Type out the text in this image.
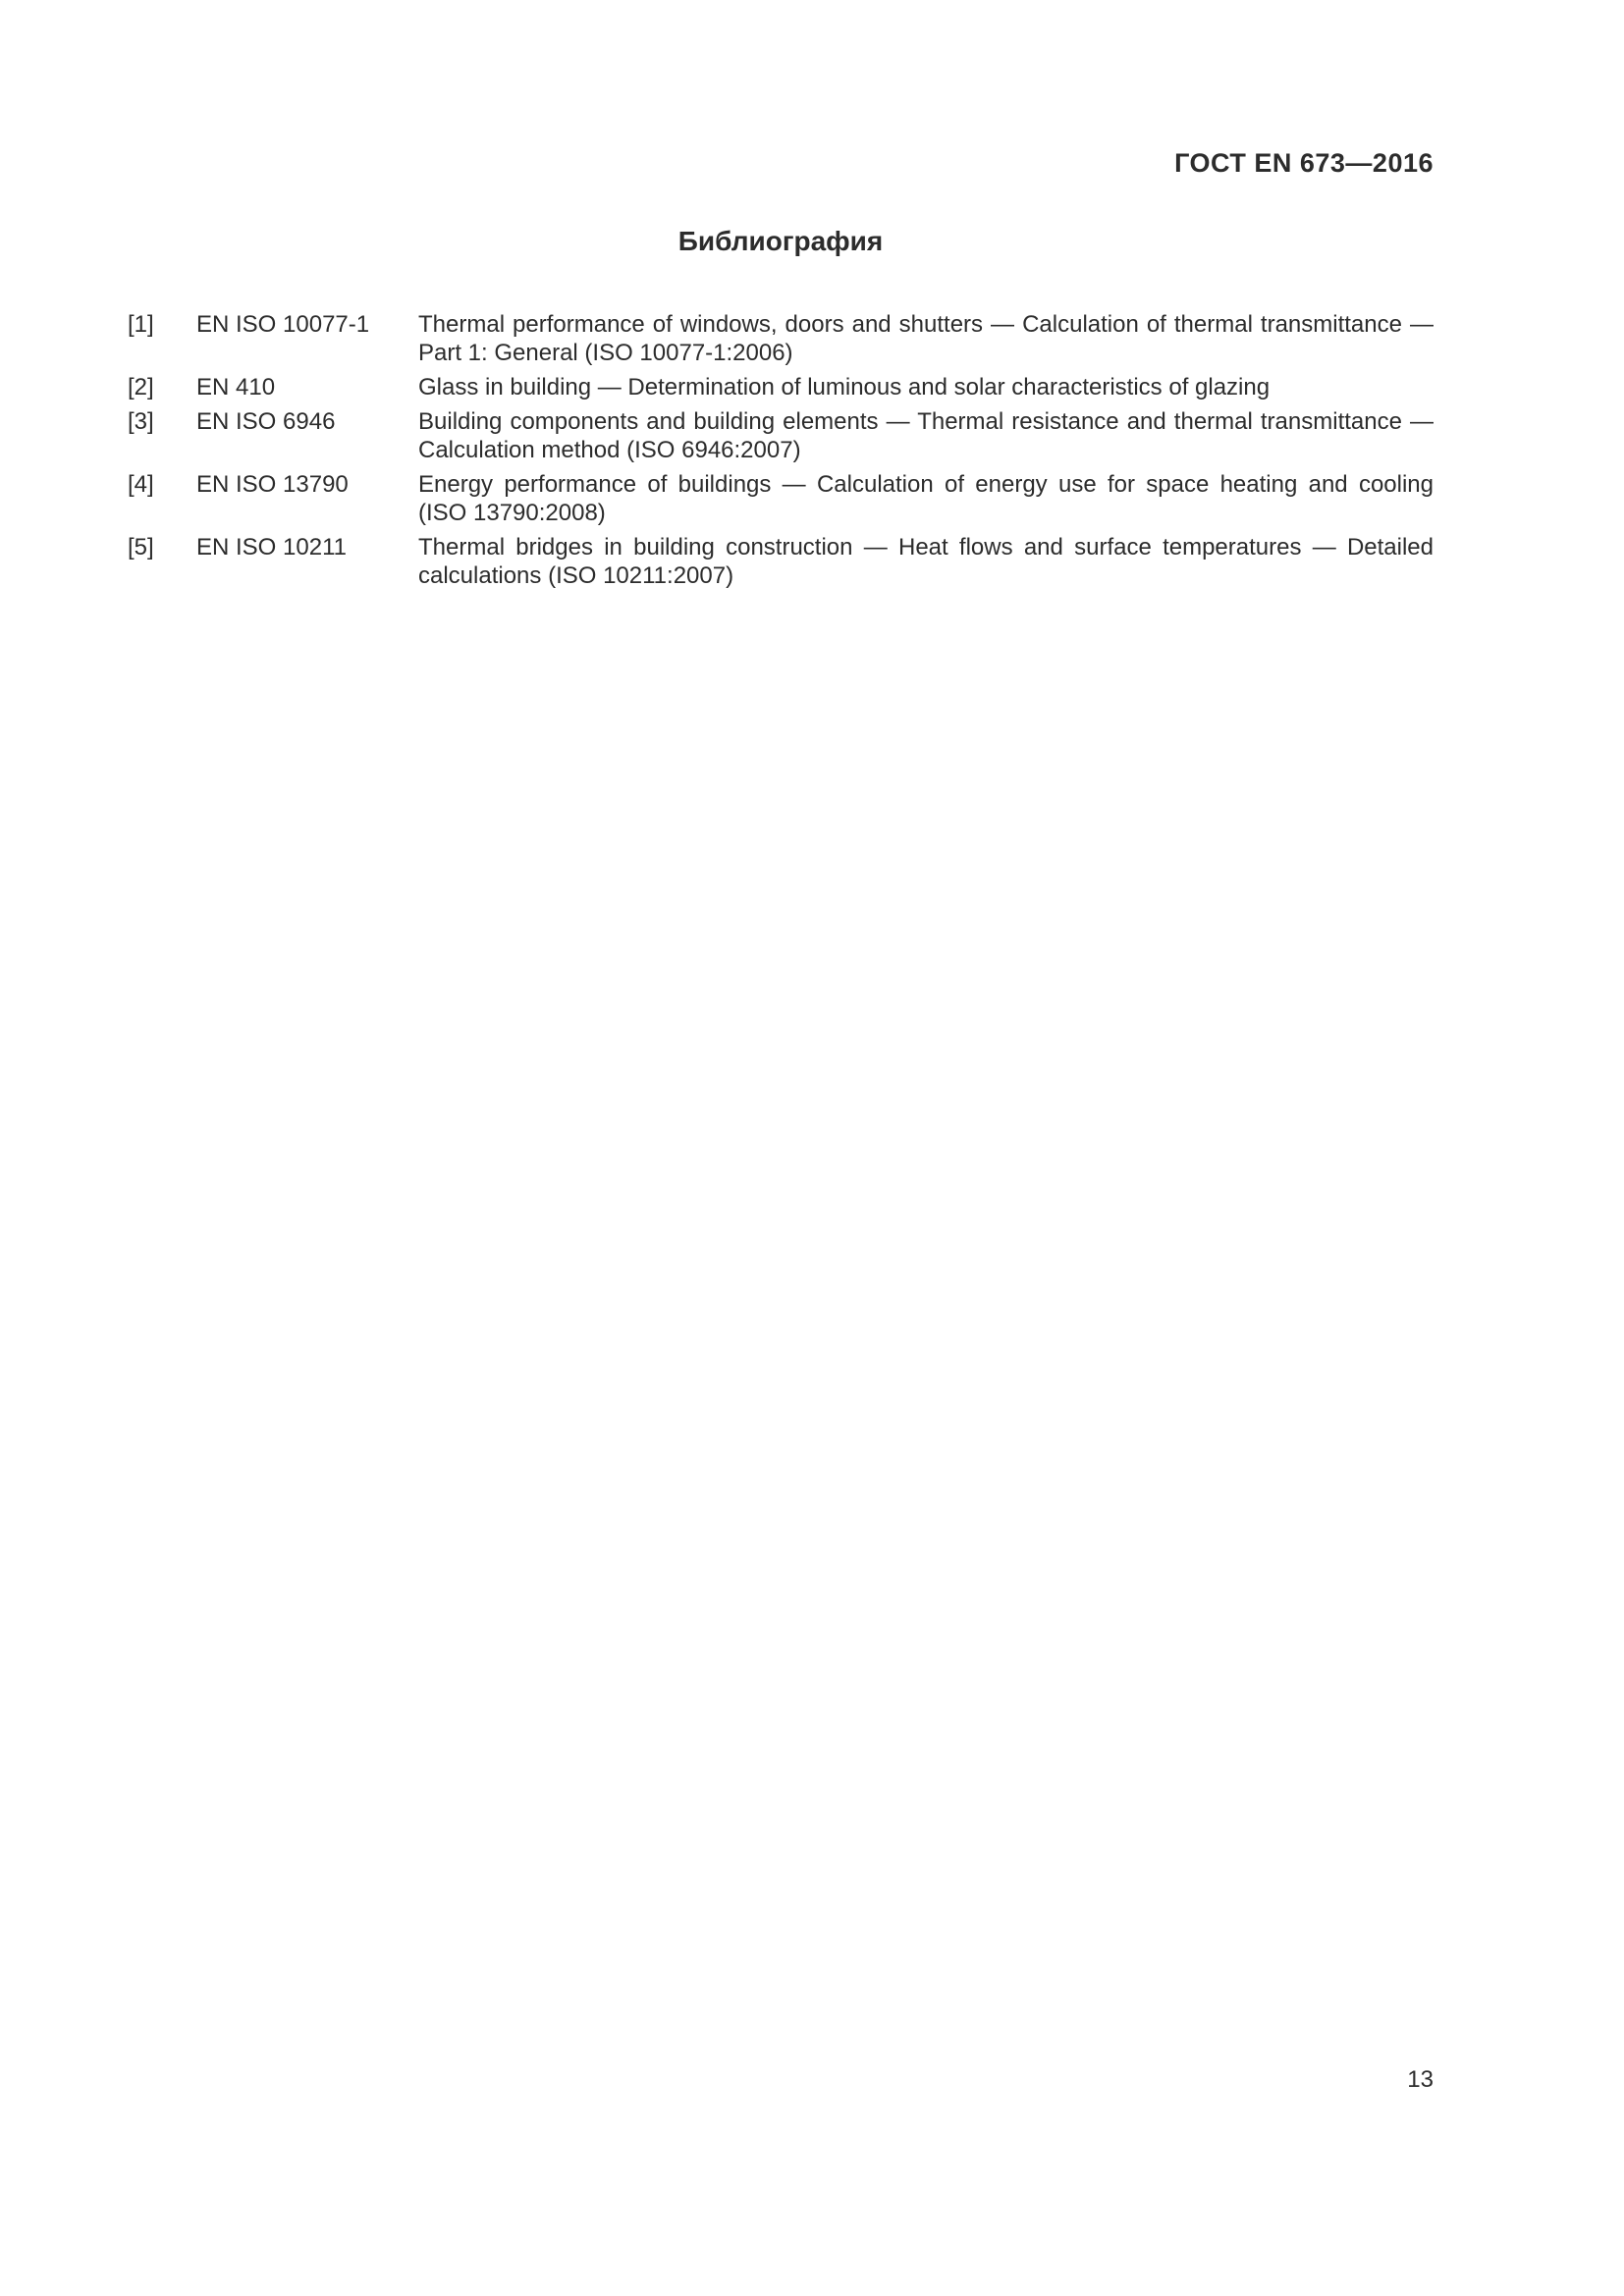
ГОСТ EN 673—2016
Библиография
[1]	EN ISO 10077-1	Thermal performance of windows, doors and shutters — Calculation of thermal transmittance —
Part 1: General (ISO 10077-1:2006)
[2]	EN 410	Glass in building — Determination of luminous and solar characteristics of glazing
[3]	EN ISO 6946	Building components and building elements — Thermal resistance and thermal transmittance —
Calculation method (ISO 6946:2007)
[4]	EN ISO 13790	Energy performance of buildings — Calculation of energy use for space heating and cooling
(ISO 13790:2008)
[5]	EN ISO 10211	Thermal bridges in building construction — Heat flows and surface temperatures — Detailed
calculations (ISO 10211:2007)
13
